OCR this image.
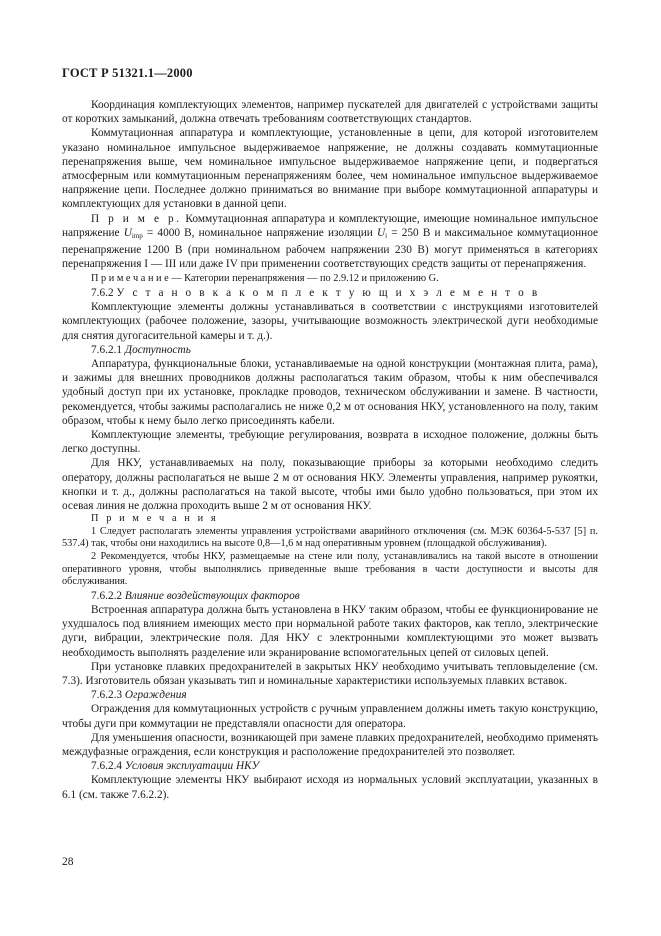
ГОСТ Р 51321.1—2000

Координация комплектующих элементов, например пускателей для двигателей с устройствами защиты от коротких замыканий, должна отвечать требованиям соответствующих стандартов.

Коммутационная аппаратура и комплектующие, установленные в цепи, для которой изготовителем указано номинальное импульсное выдерживаемое напряжение, не должны создавать коммутационные перенапряжения выше, чем номинальное импульсное выдерживаемое напряжение цепи, и подвергаться атмосферным или коммутационным перенапряжениям более, чем номинальное импульсное выдерживаемое напряжение цепи. Последнее должно приниматься во внимание при выборе коммутационной аппаратуры и комплектующих для установки в данной цепи.

П р и м е р. Коммутационная аппаратура и комплектующие, имеющие номинальное импульсное напряжение $U_{imp} = 4000$ В, номинальное напряжение изоляции $U_i = 250$ В и максимальное коммутационное перенапряжение 1200 В (при номинальном рабочем напряжении 230 В) могут применяться в категориях перенапряжения I — III или даже IV при применении соответствующих средств защиты от перенапряжения.

П р и м е ч а н и е — Категории перенапряжения — по 2.9.12 и приложению G.

7.6.2 У с т а н о в к а к о м п л е к т у ю щ и х э л е м е н т о в

Комплектующие элементы должны устанавливаться в соответствии с инструкциями изготовителей комплектующих (рабочее положение, зазоры, учитывающие возможность электрической дуги необходимые для снятия дугогасительной камеры и т. д.).

7.6.2.1 Доступность

Аппаратура, функциональные блоки, устанавливаемые на одной конструкции (монтажная плита, рама), и зажимы для внешних проводников должны располагаться таким образом, чтобы к ним обеспечивался удобный доступ при их установке, прокладке проводов, техническом обслуживании и замене. В частности, рекомендуется, чтобы зажимы располагались не ниже 0,2 м от основания НКУ, установленного на полу, таким образом, чтобы к нему было легко присоединять кабели.

Комплектующие элементы, требующие регулирования, возврата в исходное положение, должны быть легко доступны.

Для НКУ, устанавливаемых на полу, показывающие приборы за которыми необходимо следить оператору, должны располагаться не выше 2 м от основания НКУ. Элементы управления, например рукоятки, кнопки и т. д., должны располагаться на такой высоте, чтобы ими было удобно пользоваться, при этом их осевая линия не должна проходить выше 2 м от основания НКУ.

П р и м е ч а н и я

1 Следует располагать элементы управления устройствами аварийного отключения (см. МЭК 60364-5-537 [5] п. 537.4) так, чтобы они находились на высоте 0,8—1,6 м над оперативным уровнем (площадкой обслуживания).

2 Рекомендуется, чтобы НКУ, размещаемые на стене или полу, устанавливались на такой высоте в отношении оперативного уровня, чтобы выполнялись приведенные выше требования в части доступности и высоты для обслуживания.

7.6.2.2 Влияние воздействующих факторов

Встроенная аппаратура должна быть установлена в НКУ таким образом, чтобы ее функционирование не ухудшалось под влиянием имеющих место при нормальной работе таких факторов, как тепло, электрические дуги, вибрации, электрические поля. Для НКУ с электронными комплектующими это может вызвать необходимость выполнять разделение или экранирование вспомогательных цепей от силовых цепей.

При установке плавких предохранителей в закрытых НКУ необходимо учитывать тепловыделение (см. 7.3). Изготовитель обязан указывать тип и номинальные характеристики используемых плавких вставок.

7.6.2.3 Ограждения

Ограждения для коммутационных устройств с ручным управлением должны иметь такую конструкцию, чтобы дуги при коммутации не представляли опасности для оператора.

Для уменьшения опасности, возникающей при замене плавких предохранителей, необходимо применять междуфазные ограждения, если конструкция и расположение предохранителей это позволяет.

7.6.2.4 Условия эксплуатации НКУ

Комплектующие элементы НКУ выбирают исходя из нормальных условий эксплуатации, указанных в 6.1 (см. также 7.6.2.2).

28
